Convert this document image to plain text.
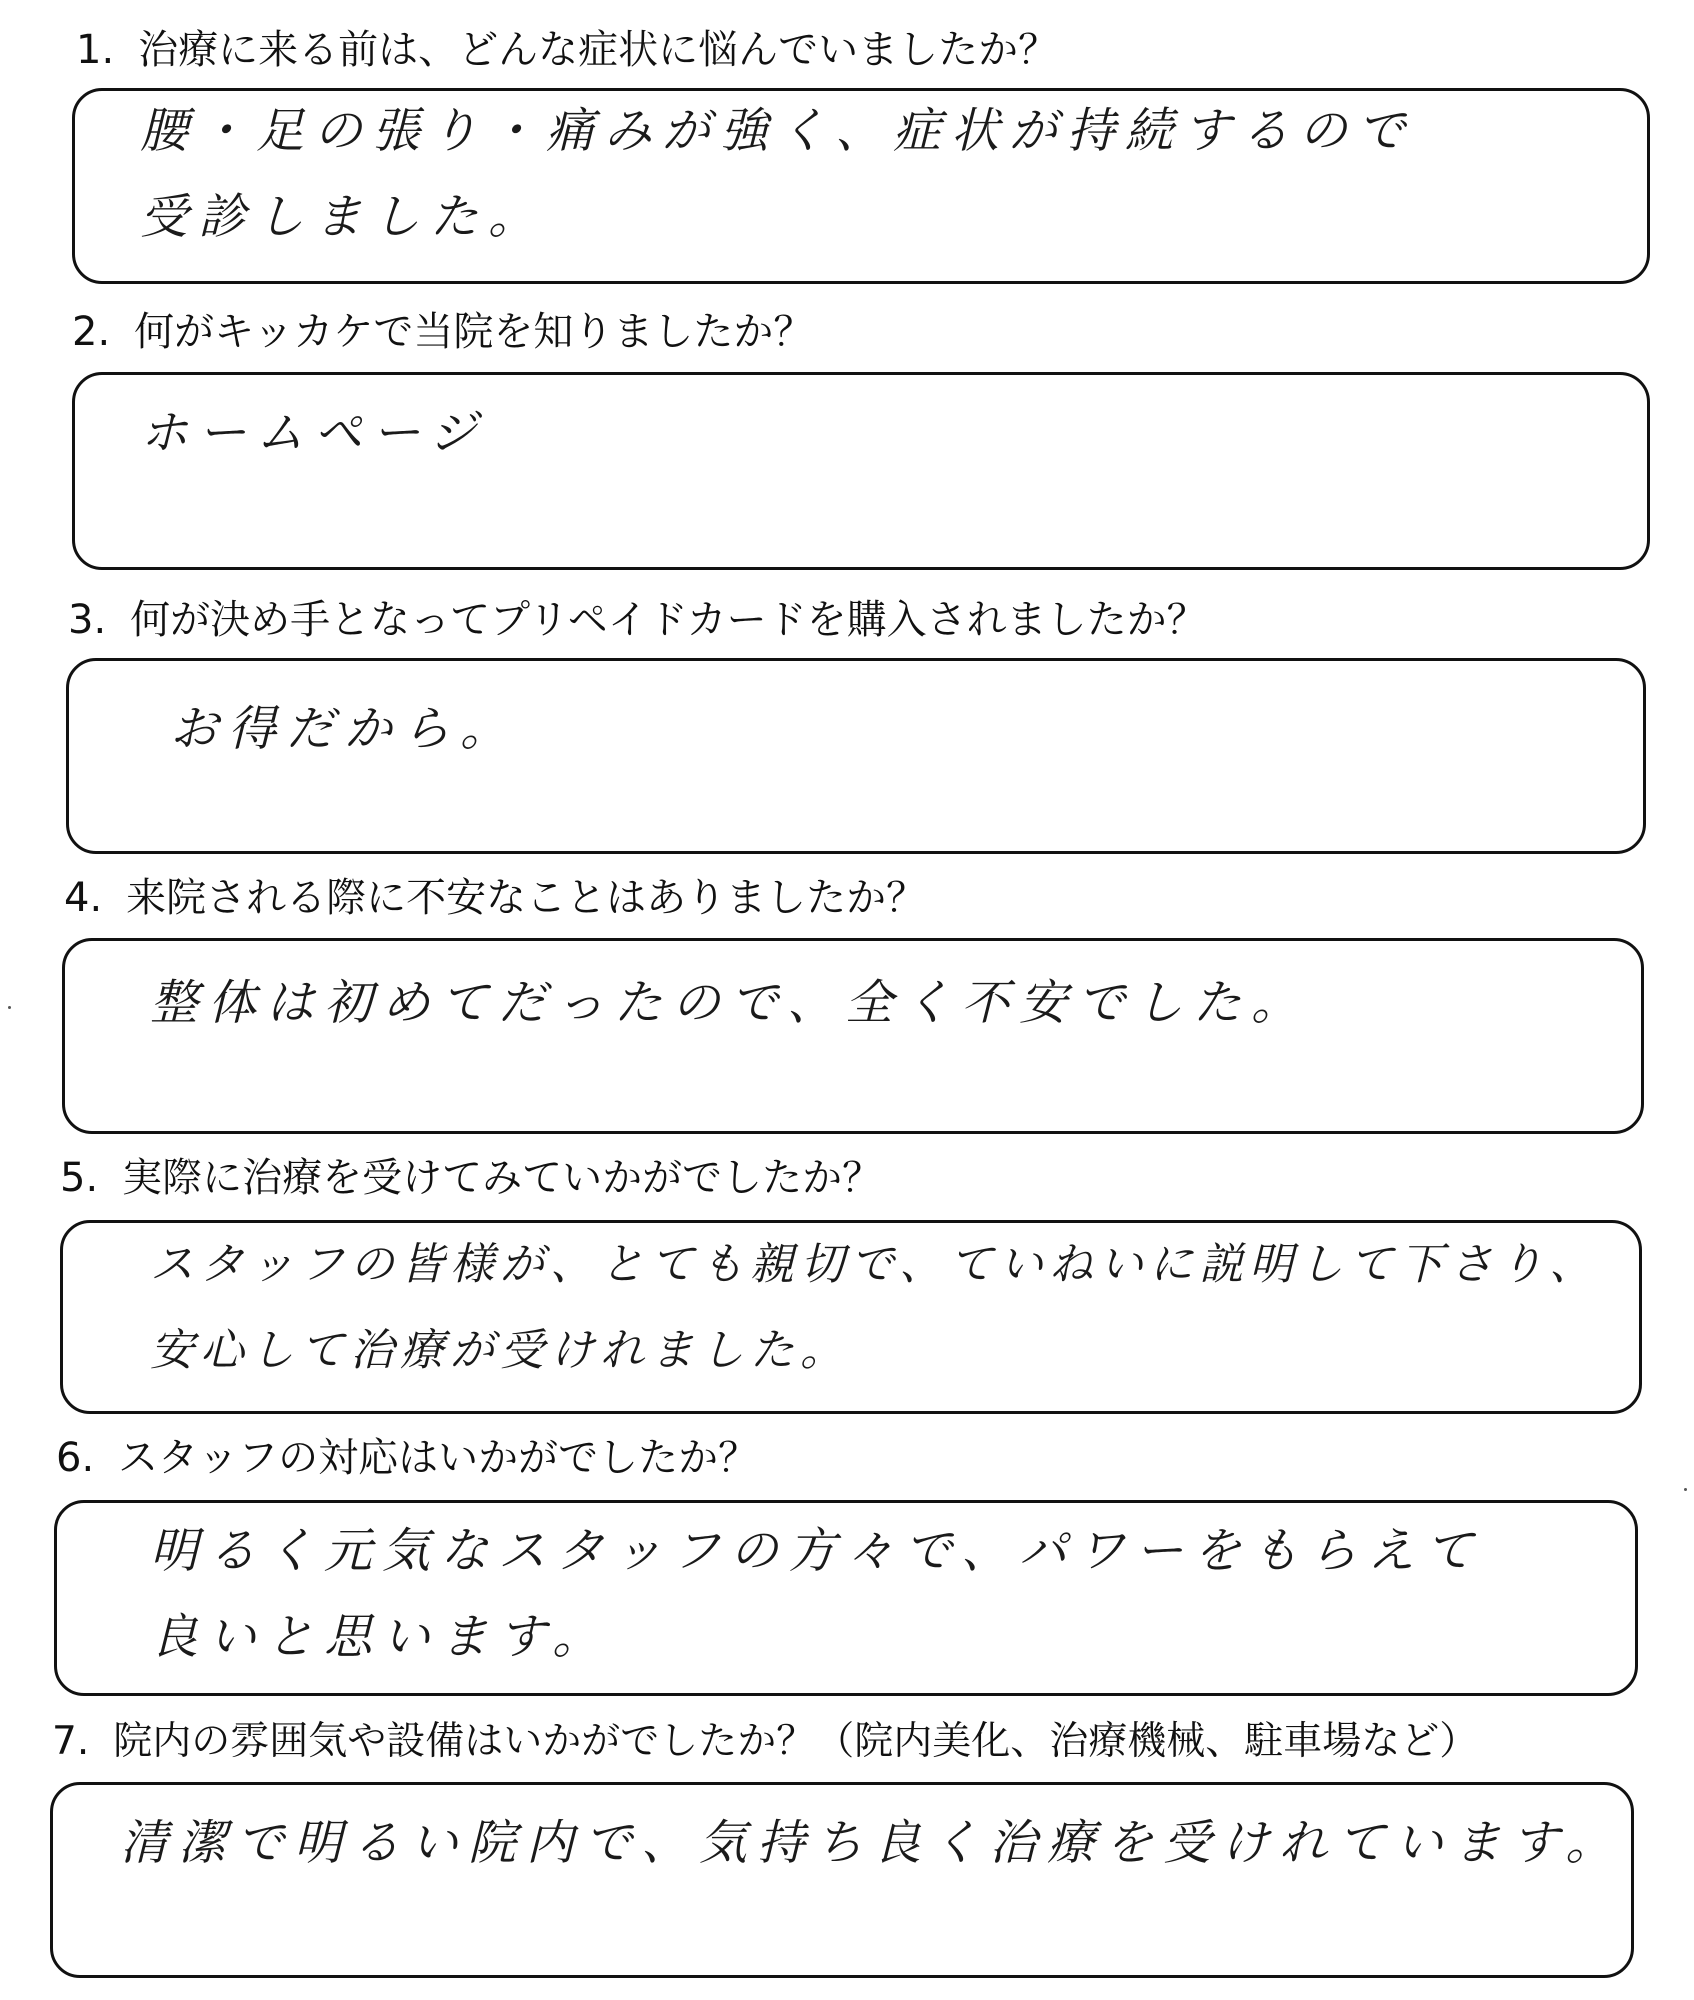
1. 治療に来る前は、どんな症状に悩んでいましたか？
腰・足の張り・痛みが強く、症状が持続するので
受診しました。
2. 何がキッカケで当院を知りましたか？
ホームページ
3. 何が決め手となってプリペイドカードを購入されましたか？
お得だから。
4. 来院される際に不安なことはありましたか？
整体は初めてだったので、全く不安でした。
5. 実際に治療を受けてみていかがでしたか？
スタッフの皆様が、とても親切で、ていねいに説明して下さり、
安心して治療が受けれました。
6. スタッフの対応はいかがでしたか？
明るく元気なスタッフの方々で、パワーをもらえて
良いと思います。
7. 院内の雰囲気や設備はいかがでしたか？（院内美化、治療機械、駐車場など）
清潔で明るい院内で、気持ち良く治療を受けれています。
